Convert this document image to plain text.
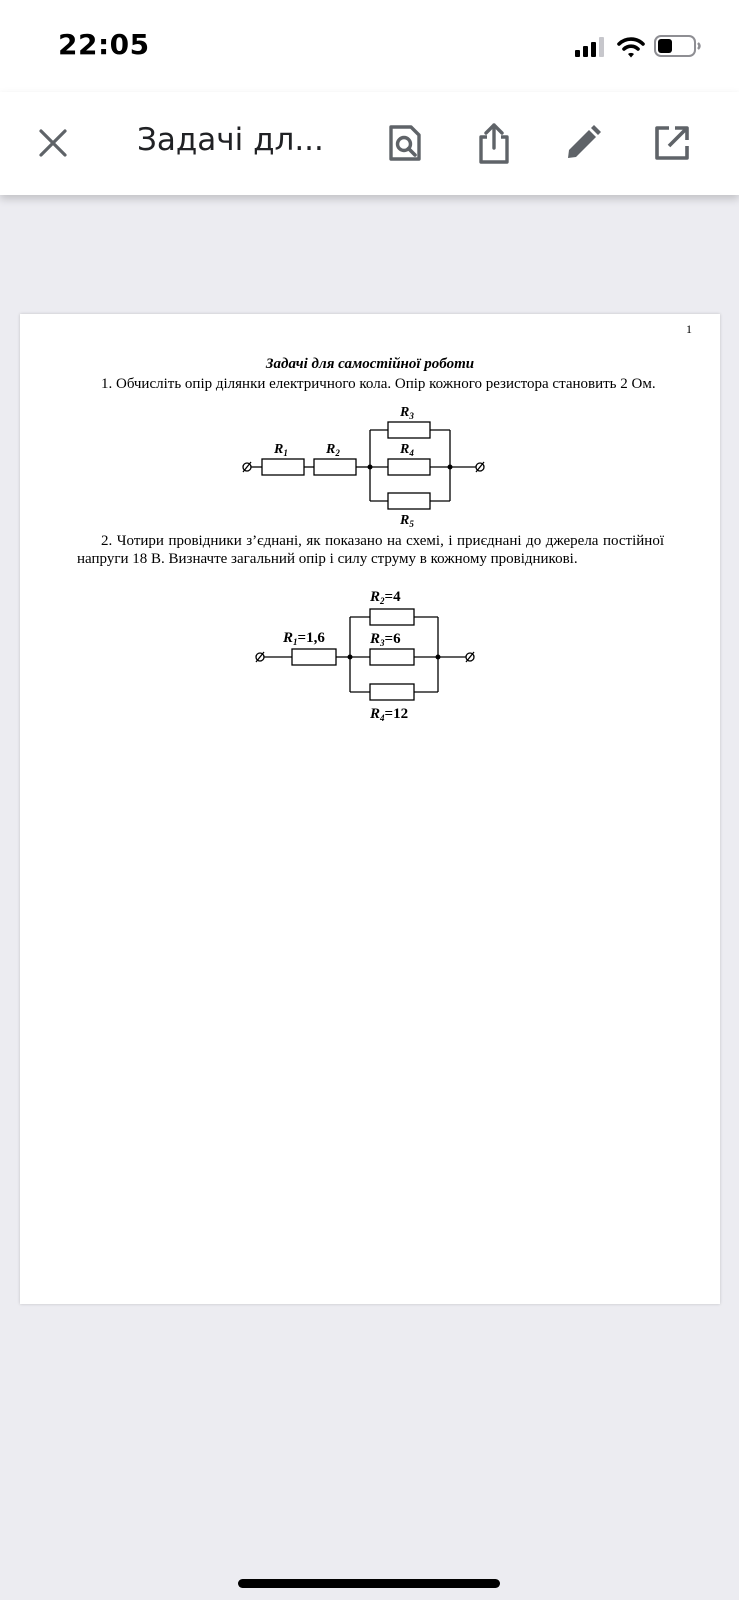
22:05
Задачі дл...
1
Задачі для самостійної роботи
1. Обчисліть опір ділянки електричного кола. Опір кожного резистора становить 2 Ом.
$R_1$	$R_2$
$R_3$
$R_4$
$R_5$
2. Чотири провідники з’єднані, як показано на схемі, і приєднані до джерела постійної напруги 18 В. Визначте загальний опір і силу струму в кожному провідникові.
$R_1=1,6$
$R_2=4$
$R_3=6$
$R_4=12$
